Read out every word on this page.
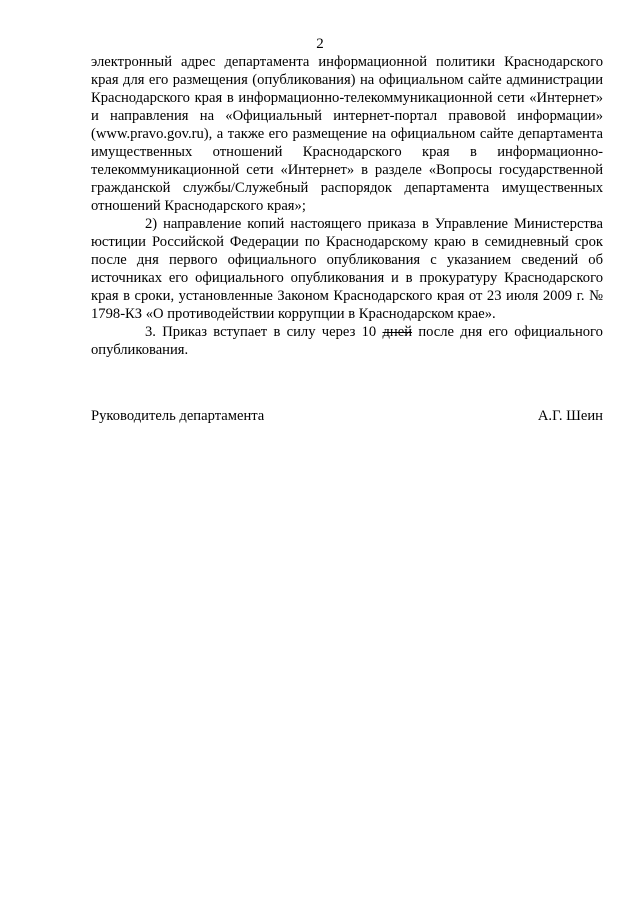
2

электронный адрес департамента информационной политики Краснодарского края для его размещения (опубликования) на официальном сайте администрации Краснодарского края в информационно-телекоммуникационной сети «Интернет» и направления на «Официальный интернет-портал правовой информации» (www.pravo.gov.ru), а также его размещение на официальном сайте департамента имущественных отношений Краснодарского края в информационно-телекоммуникационной сети «Интернет» в разделе «Вопросы государственной гражданской службы/Служебный распорядок департамента имущественных отношений Краснодарского края»;

2) направление копий настоящего приказа в Управление Министерства юстиции Российской Федерации по Краснодарскому краю в семидневный срок после дня первого официального опубликования с указанием сведений об источниках его официального опубликования и в прокуратуру Краснодарского края в сроки, установленные Законом Краснодарского края от 23 июля 2009 г. № 1798-КЗ «О противодействии коррупции в Краснодарском крае».

3. Приказ вступает в силу через 10 дней после дня его официального опубликования.

Руководитель департамента	А.Г. Шеин
